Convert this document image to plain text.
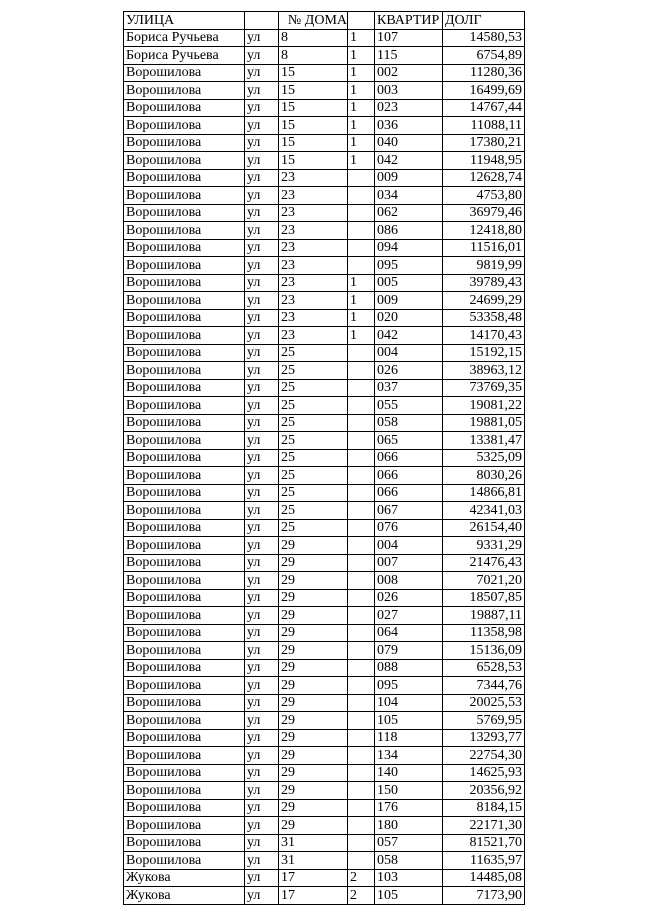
УЛИЦА		№ ДОМА		КВАРТИР	ДОЛГ
Бориса Ручьева	ул	8	1	107	14580,53
Бориса Ручьева	ул	8	1	115	6754,89
Ворошилова	ул	15	1	002	11280,36
Ворошилова	ул	15	1	003	16499,69
Ворошилова	ул	15	1	023	14767,44
Ворошилова	ул	15	1	036	11088,11
Ворошилова	ул	15	1	040	17380,21
Ворошилова	ул	15	1	042	11948,95
Ворошилова	ул	23		009	12628,74
Ворошилова	ул	23		034	4753,80
Ворошилова	ул	23		062	36979,46
Ворошилова	ул	23		086	12418,80
Ворошилова	ул	23		094	11516,01
Ворошилова	ул	23		095	9819,99
Ворошилова	ул	23	1	005	39789,43
Ворошилова	ул	23	1	009	24699,29
Ворошилова	ул	23	1	020	53358,48
Ворошилова	ул	23	1	042	14170,43
Ворошилова	ул	25		004	15192,15
Ворошилова	ул	25		026	38963,12
Ворошилова	ул	25		037	73769,35
Ворошилова	ул	25		055	19081,22
Ворошилова	ул	25		058	19881,05
Ворошилова	ул	25		065	13381,47
Ворошилова	ул	25		066	5325,09
Ворошилова	ул	25		066	8030,26
Ворошилова	ул	25		066	14866,81
Ворошилова	ул	25		067	42341,03
Ворошилова	ул	25		076	26154,40
Ворошилова	ул	29		004	9331,29
Ворошилова	ул	29		007	21476,43
Ворошилова	ул	29		008	7021,20
Ворошилова	ул	29		026	18507,85
Ворошилова	ул	29		027	19887,11
Ворошилова	ул	29		064	11358,98
Ворошилова	ул	29		079	15136,09
Ворошилова	ул	29		088	6528,53
Ворошилова	ул	29		095	7344,76
Ворошилова	ул	29		104	20025,53
Ворошилова	ул	29		105	5769,95
Ворошилова	ул	29		118	13293,77
Ворошилова	ул	29		134	22754,30
Ворошилова	ул	29		140	14625,93
Ворошилова	ул	29		150	20356,92
Ворошилова	ул	29		176	8184,15
Ворошилова	ул	29		180	22171,30
Ворошилова	ул	31		057	81521,70
Ворошилова	ул	31		058	11635,97
Жукова	ул	17	2	103	14485,08
Жукова	ул	17	2	105	7173,90
